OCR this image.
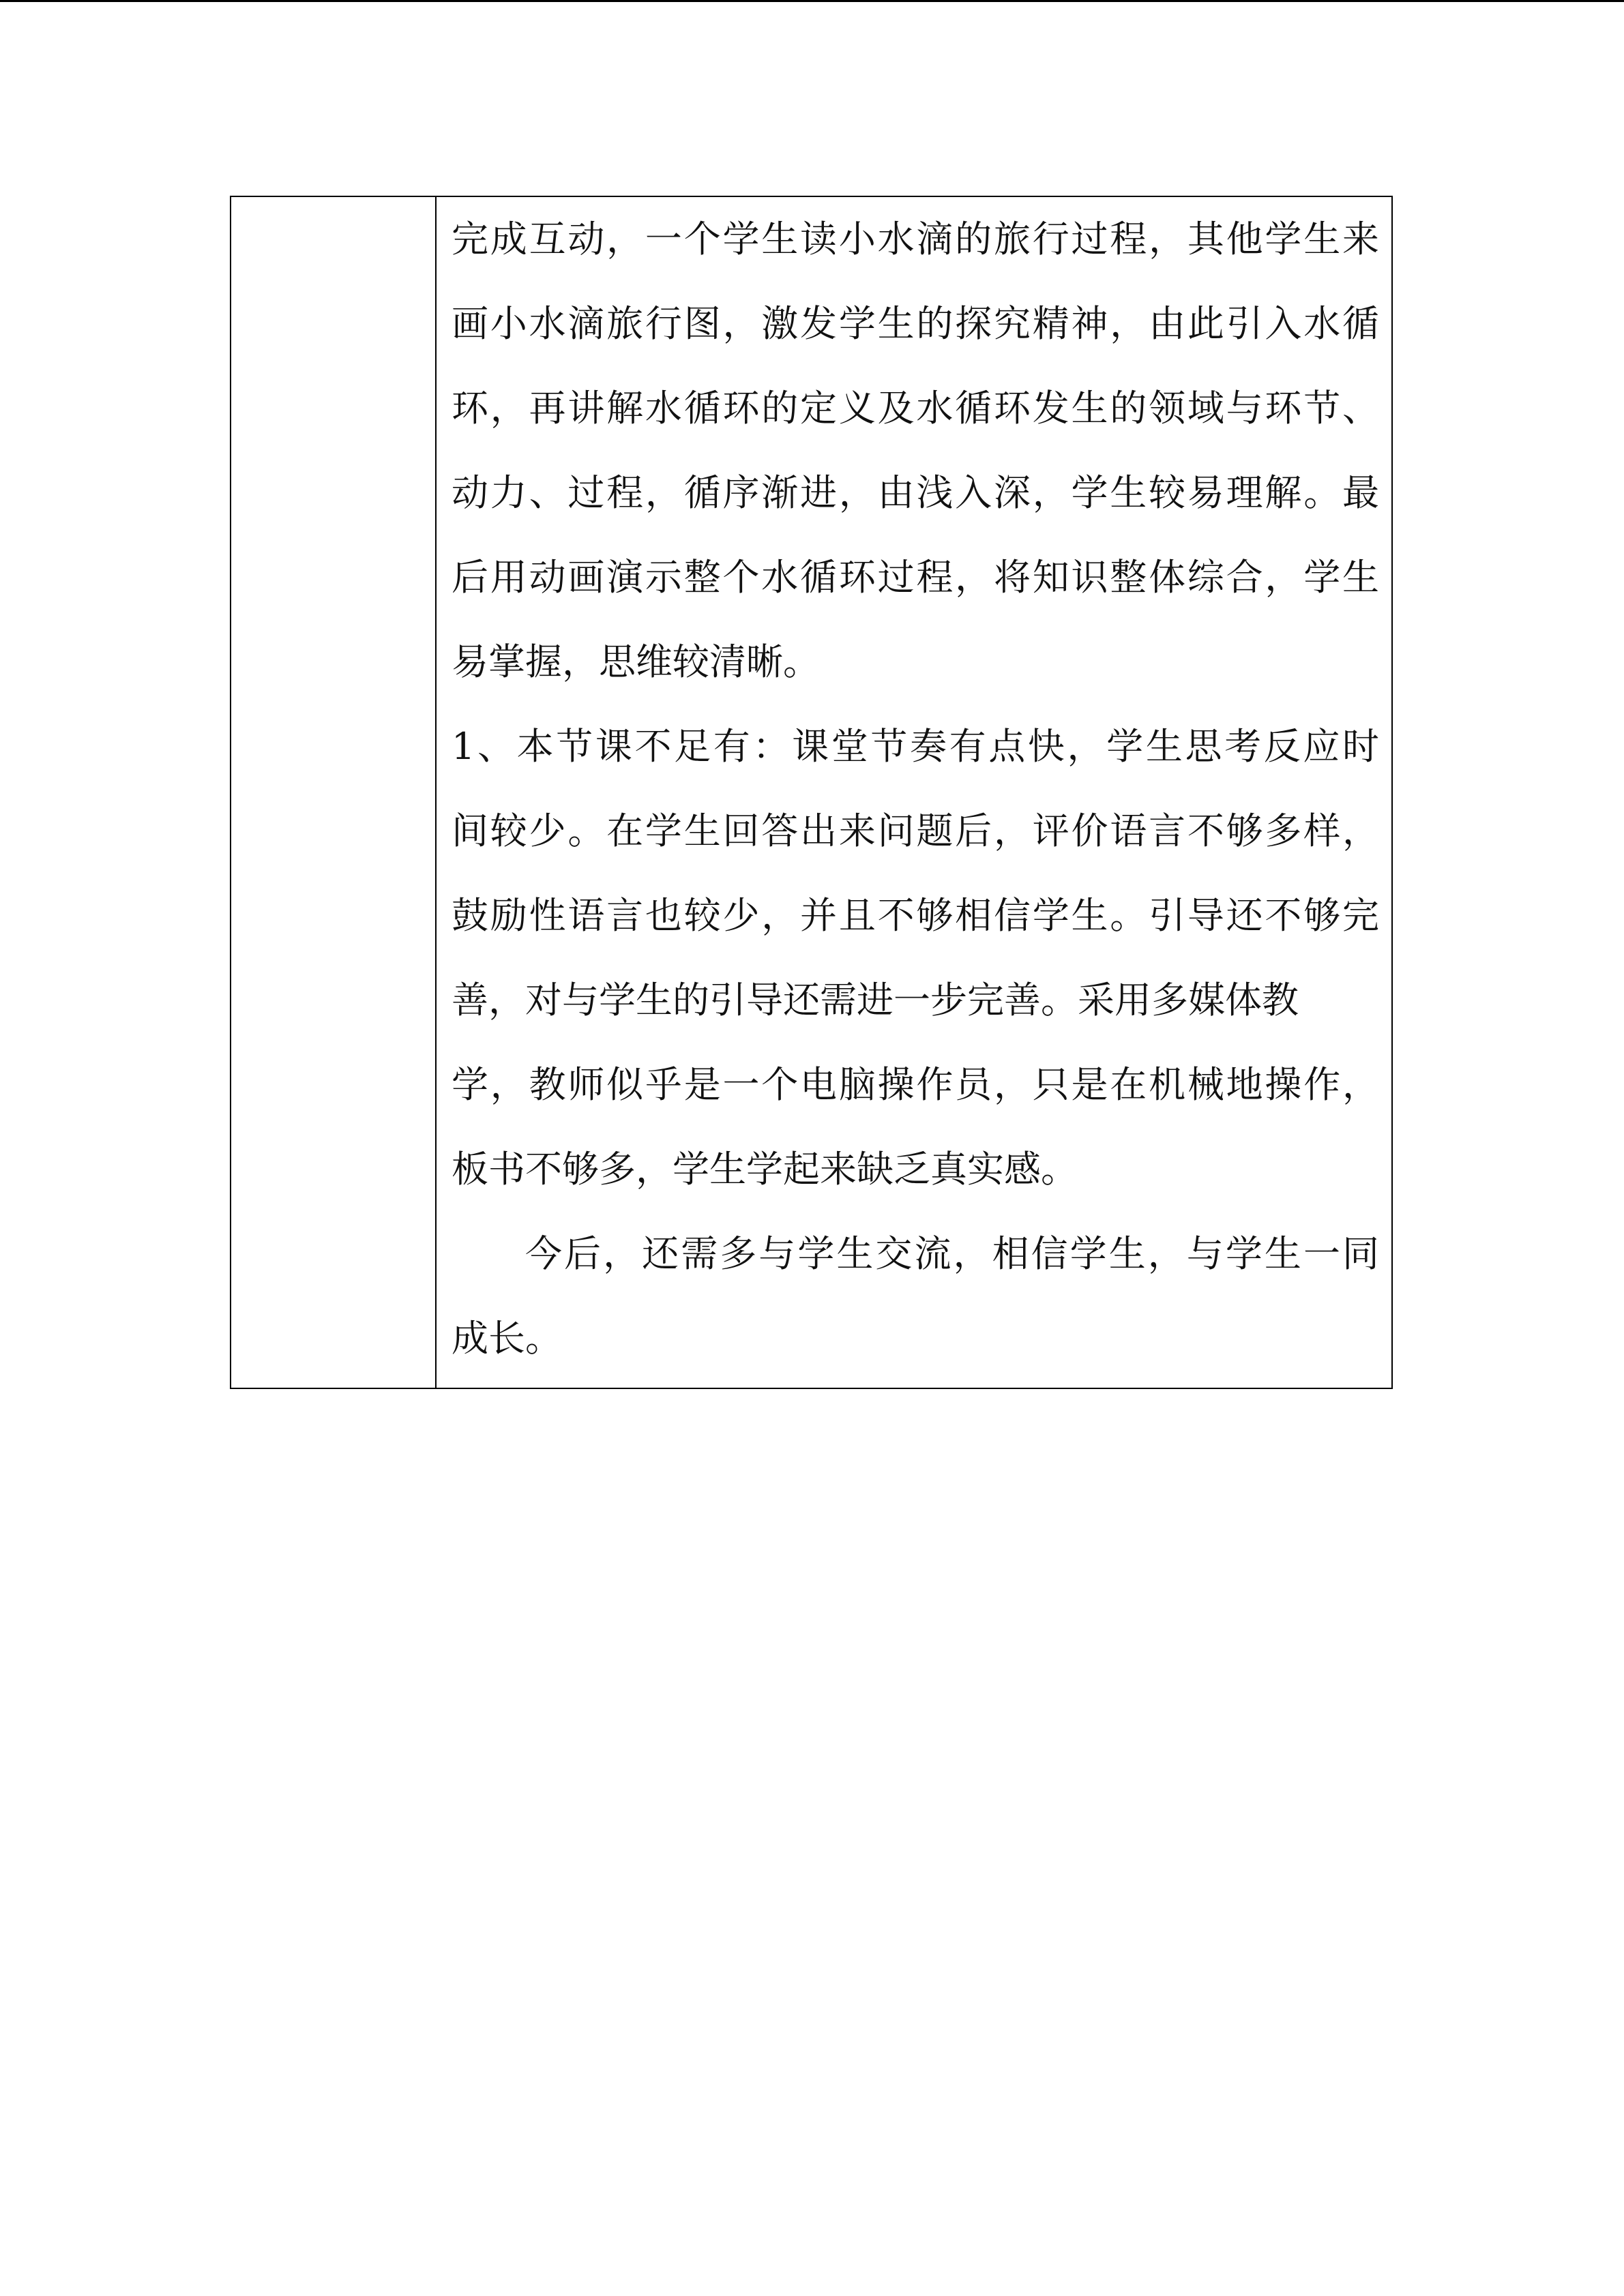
完成互动，一个学生读小水滴的旅行过程，其他学生来
画小水滴旅行图，激发学生的探究精神，由此引入水循
环，再讲解水循环的定义及水循环发生的领域与环节、
动力、过程，循序渐进，由浅入深，学生较易理解。最
后用动画演示整个水循环过程，将知识整体综合，学生
易掌握，思维较清晰。
1、本节课不足有：课堂节奏有点快，学生思考反应时
间较少。在学生回答出来问题后，评价语言不够多样，
鼓励性语言也较少，并且不够相信学生。引导还不够完
善，对与学生的引导还需进一步完善。采用多媒体教
学，教师似乎是一个电脑操作员，只是在机械地操作，
板书不够多，学生学起来缺乏真实感。
今后，还需多与学生交流，相信学生，与学生一同
成长。
